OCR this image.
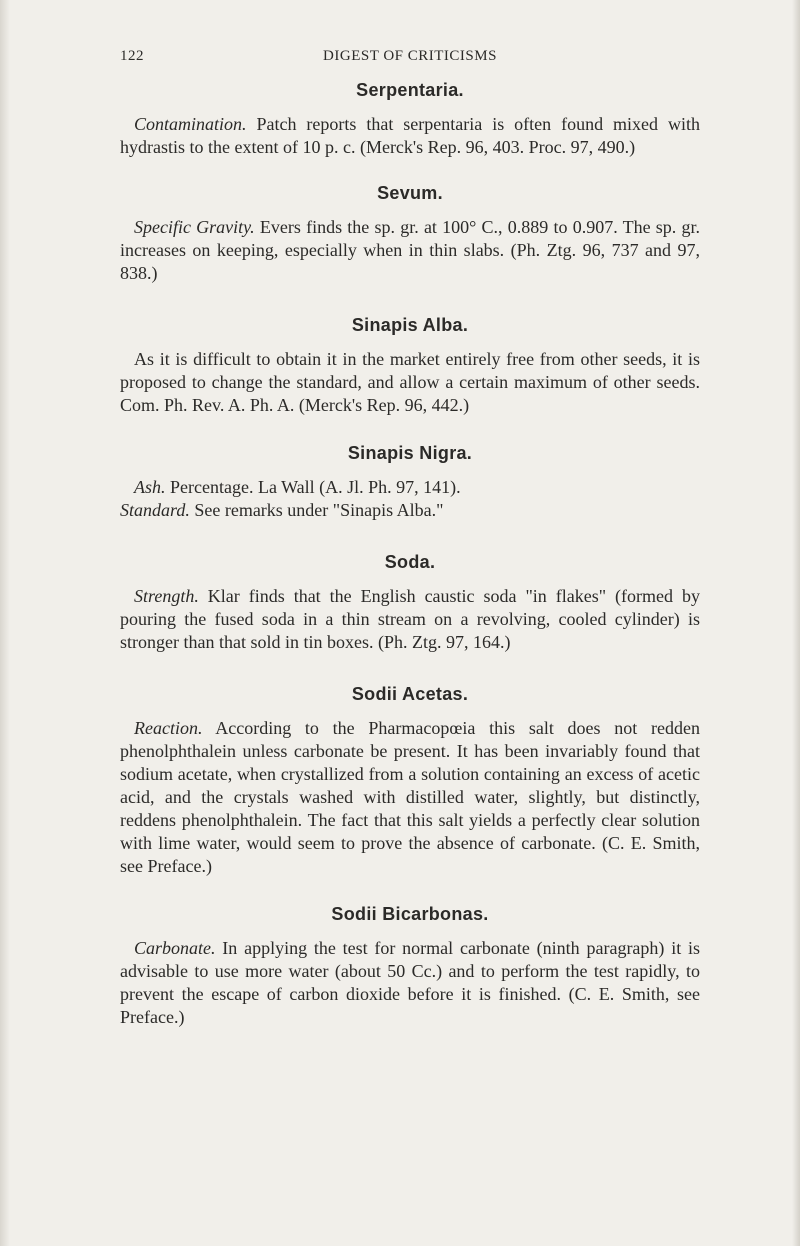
122	DIGEST OF CRITICISMS
Serpentaria.

Contamination. Patch reports that serpentaria is often found mixed with hydrastis to the extent of 10 p. c. (Merck's Rep. 96, 403. Proc. 97, 490.)

Sevum.

Specific Gravity. Evers finds the sp. gr. at 100° C., 0.889 to 0.907. The sp. gr. increases on keeping, especially when in thin slabs. (Ph. Ztg. 96, 737 and 97, 838.)

Sinapis Alba.

As it is difficult to obtain it in the market entirely free from other seeds, it is proposed to change the standard, and allow a certain maximum of other seeds. Com. Ph. Rev. A. Ph. A. (Merck's Rep. 96, 442.)

Sinapis Nigra.

Ash. Percentage. La Wall (A. Jl. Ph. 97, 141).

Standard. See remarks under "Sinapis Alba."

Soda.

Strength. Klar finds that the English caustic soda "in flakes" (formed by pouring the fused soda in a thin stream on a revolving, cooled cylinder) is stronger than that sold in tin boxes. (Ph. Ztg. 97, 164.)

Sodii Acetas.

Reaction. According to the Pharmacopœia this salt does not redden phenolphthalein unless carbonate be present. It has been invariably found that sodium acetate, when crystallized from a solution containing an excess of acetic acid, and the crystals washed with distilled water, slightly, but distinctly, reddens phenolphthalein. The fact that this salt yields a perfectly clear solution with lime water, would seem to prove the absence of carbonate. (C. E. Smith, see Preface.)

Sodii Bicarbonas.

Carbonate. In applying the test for normal carbonate (ninth paragraph) it is advisable to use more water (about 50 Cc.) and to perform the test rapidly, to prevent the escape of carbon dioxide before it is finished. (C. E. Smith, see Preface.)
